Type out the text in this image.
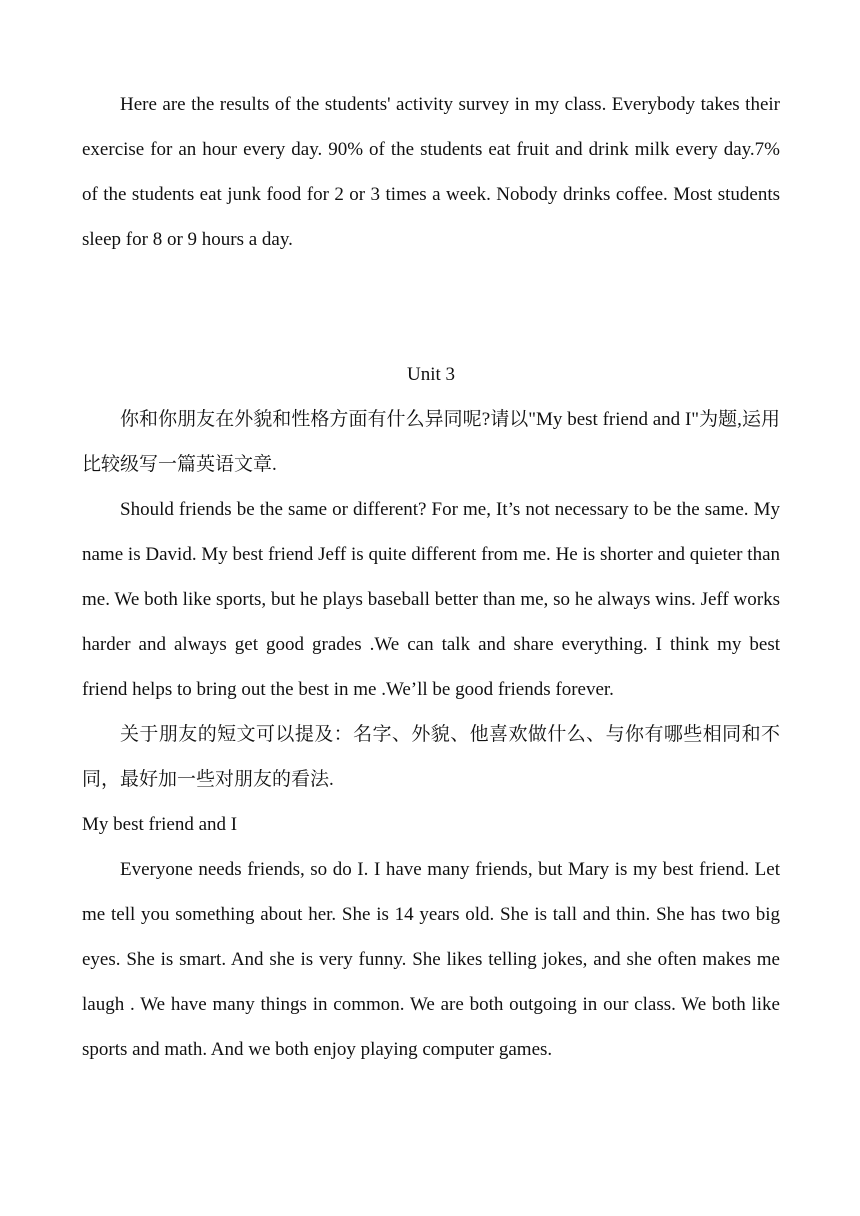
Here are the results of the students' activity survey in my class. Everybody takes their exercise for an hour every day. 90% of the students eat fruit and drink milk every day.7% of the students eat junk food for 2 or 3 times a week. Nobody drinks coffee. Most students sleep for 8 or 9 hours a day.

Unit 3

你和你朋友在外貌和性格方面有什么异同呢?请以"My best friend and I"为题,运用比较级写一篇英语文章.

Should friends be the same or different? For me, It’s not necessary to be the same. My name is David. My best friend Jeff is quite different from me. He is shorter and quieter than me. We both like sports, but he plays baseball better than me, so he always wins. Jeff works harder and always get good grades .We can talk and share everything. I think my best friend helps to bring out the best in me .We’ll be good friends forever.

关于朋友的短文可以提及：名字、外貌、他喜欢做什么、与你有哪些相同和不同，最好加一些对朋友的看法.

My best friend and I

Everyone needs friends, so do I. I have many friends, but Mary is my best friend. Let me tell you something about her. She is 14 years old. She is tall and thin. She has two big eyes. She is smart. And she is very funny. She likes telling jokes, and she often makes me laugh . We have many things in common. We are both outgoing in our class. We both like sports and math. And we both enjoy playing computer games.
